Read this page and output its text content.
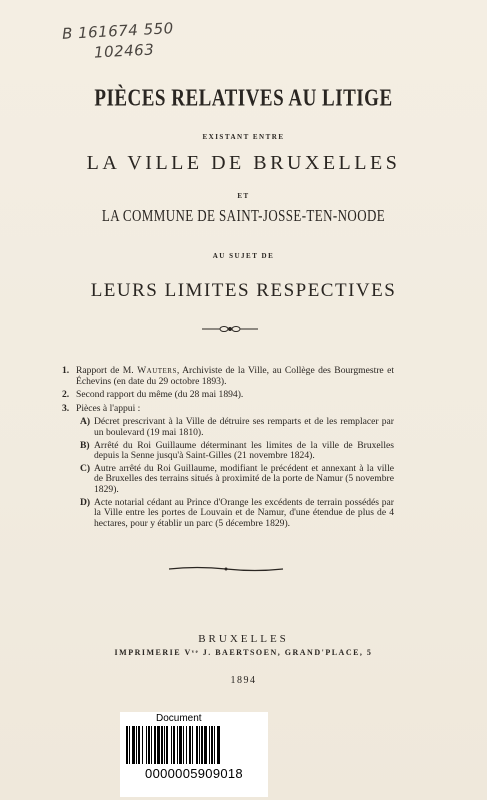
B 161674 550
102463
PIÈCES RELATIVES AU LITIGE
EXISTANT ENTRE
LA VILLE DE BRUXELLES
ET
LA COMMUNE DE SAINT-JOSSE-TEN-NOODE
AU SUJET DE
LEURS LIMITES RESPECTIVES
1. Rapport de M. Wauters, Archiviste de la Ville, au Collège des Bourgmestre et Échevins (en date du 29 octobre 1893).
2. Second rapport du même (du 28 mai 1894).
3. Pièces à l'appui :
A) Décret prescrivant à la Ville de détruire ses remparts et de les remplacer par un boulevard (19 mai 1810).
B) Arrêté du Roi Guillaume déterminant les limites de la ville de Bruxelles depuis la Senne jusqu'à Saint-Gilles (21 novembre 1824).
C) Autre arrêté du Roi Guillaume, modifiant le précédent et annexant à la ville de Bruxelles des terrains situés à proximité de la porte de Namur (5 novembre 1829).
D) Acte notarial cédant au Prince d'Orange les excédents de terrain possédés par la Ville entre les portes de Louvain et de Namur, d'une étendue de plus de 4 hectares, pour y établir un parc (5 décembre 1829).
BRUXELLES
IMPRIMERIE Vᵛᵉ J. BAERTSOEN, GRAND'PLACE, 5
1894
Document
0000005909018
